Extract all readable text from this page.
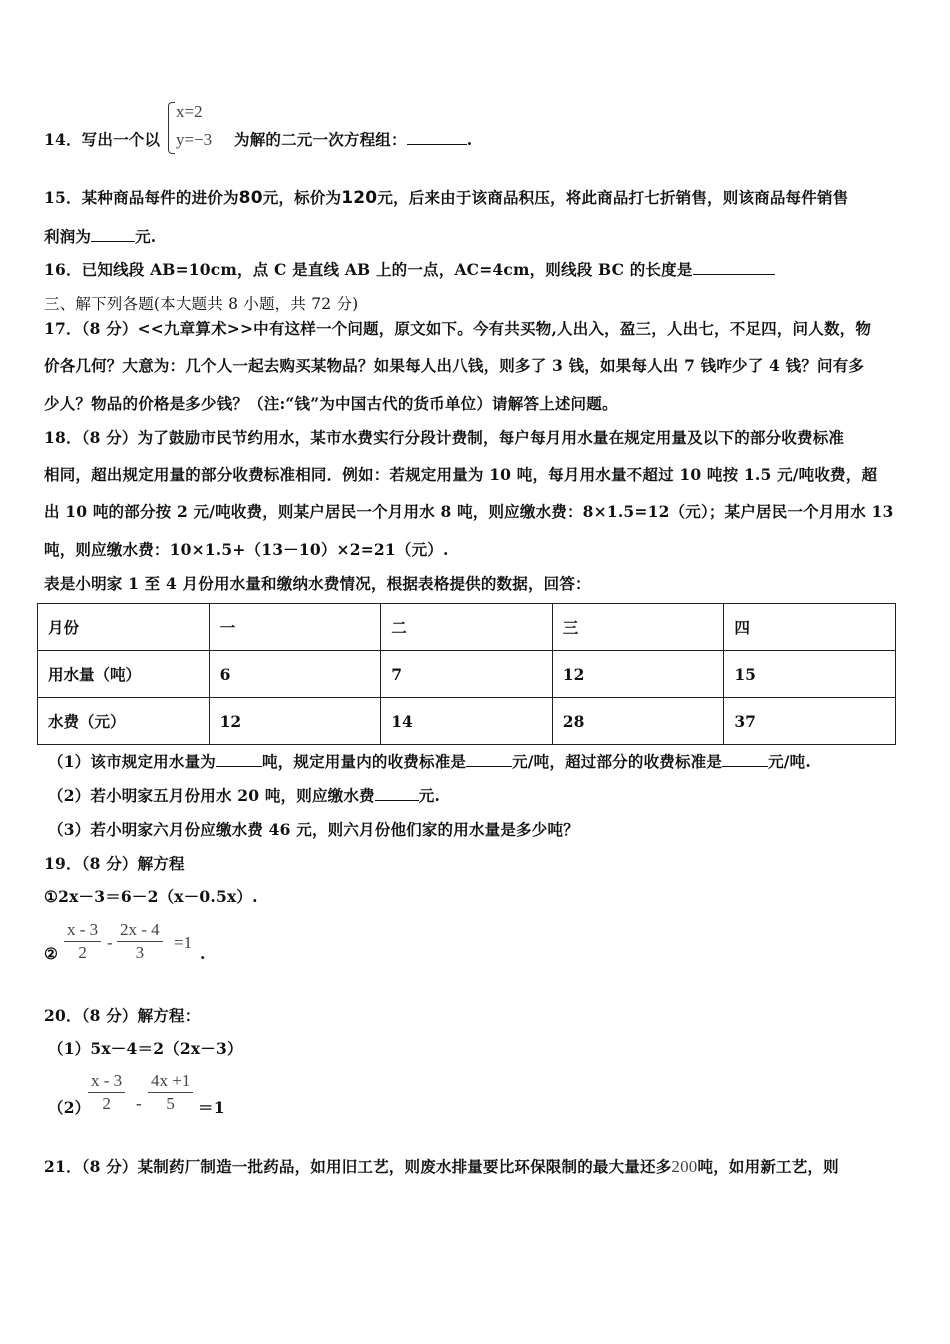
14．写出一个以
x=2
y=−3 为解的二元一次方程组：	.
15．某种商品每件的进价为80元，标价为120元，后来由于该商品积压，将此商品打七折销售，则该商品每件销售
利润为	元.
16．已知线段 AB=10cm，点 C 是直线 AB 上的一点，AC=4cm，则线段 BC 的长度是
三、解下列各题(本大题共 8 小题，共 72 分)
17．（8 分）<<九章算术>>中有这样一个问题，原文如下。今有共买物,人出入，盈三，人出七，不足四，问人数，物
价各几何？大意为：几个人一起去购买某物品？如果每人出八钱，则多了 3 钱，如果每人出 7 钱咋少了 4 钱？问有多
少人？物品的价格是多少钱？（注:“钱”为中国古代的货币单位）请解答上述问题。
18．（8 分）为了鼓励市民节约用水，某市水费实行分段计费制，每户每月用水量在规定用量及以下的部分收费标准
相同，超出规定用量的部分收费标准相同．例如：若规定用量为 10 吨，每月用水量不超过 10 吨按 1.5 元/吨收费，超
出 10 吨的部分按 2 元/吨收费，则某户居民一个月用水 8 吨，则应缴水费：8×1.5=12（元）；某户居民一个月用水 13
吨，则应缴水费：10×1.5+（13－10）×2=21（元）.
表是小明家 1 至 4 月份用水量和缴纳水费情况，根据表格提供的数据，回答：
月份	一	二	三	四
用水量（吨）	6	7	12	15
水费（元）	12	14	28	37
（1）该市规定用水量为	吨，规定用量内的收费标准是	元/吨，超过部分的收费标准是	元/吨.
（2）若小明家五月份用水 20 吨，则应缴水费	元.
（3）若小明家六月份应缴水费 46 元，则六月份他们家的用水量是多少吨？
19．（8 分）解方程
①2x－3＝6－2（x－0.5x）.
② $\frac{x - 3}{2} - \frac{2x - 4}{3} =1$
.
20．（8 分）解方程：
（1）5x－4＝2（2x－3）
（2）
$\frac{x - 3}{2} - \frac{4x +1}{5} =1$
21．（8 分）某制药厂制造一批药品，如用旧工艺，则废水排量要比环保限制的最大量还多200吨，如用新工艺，则
